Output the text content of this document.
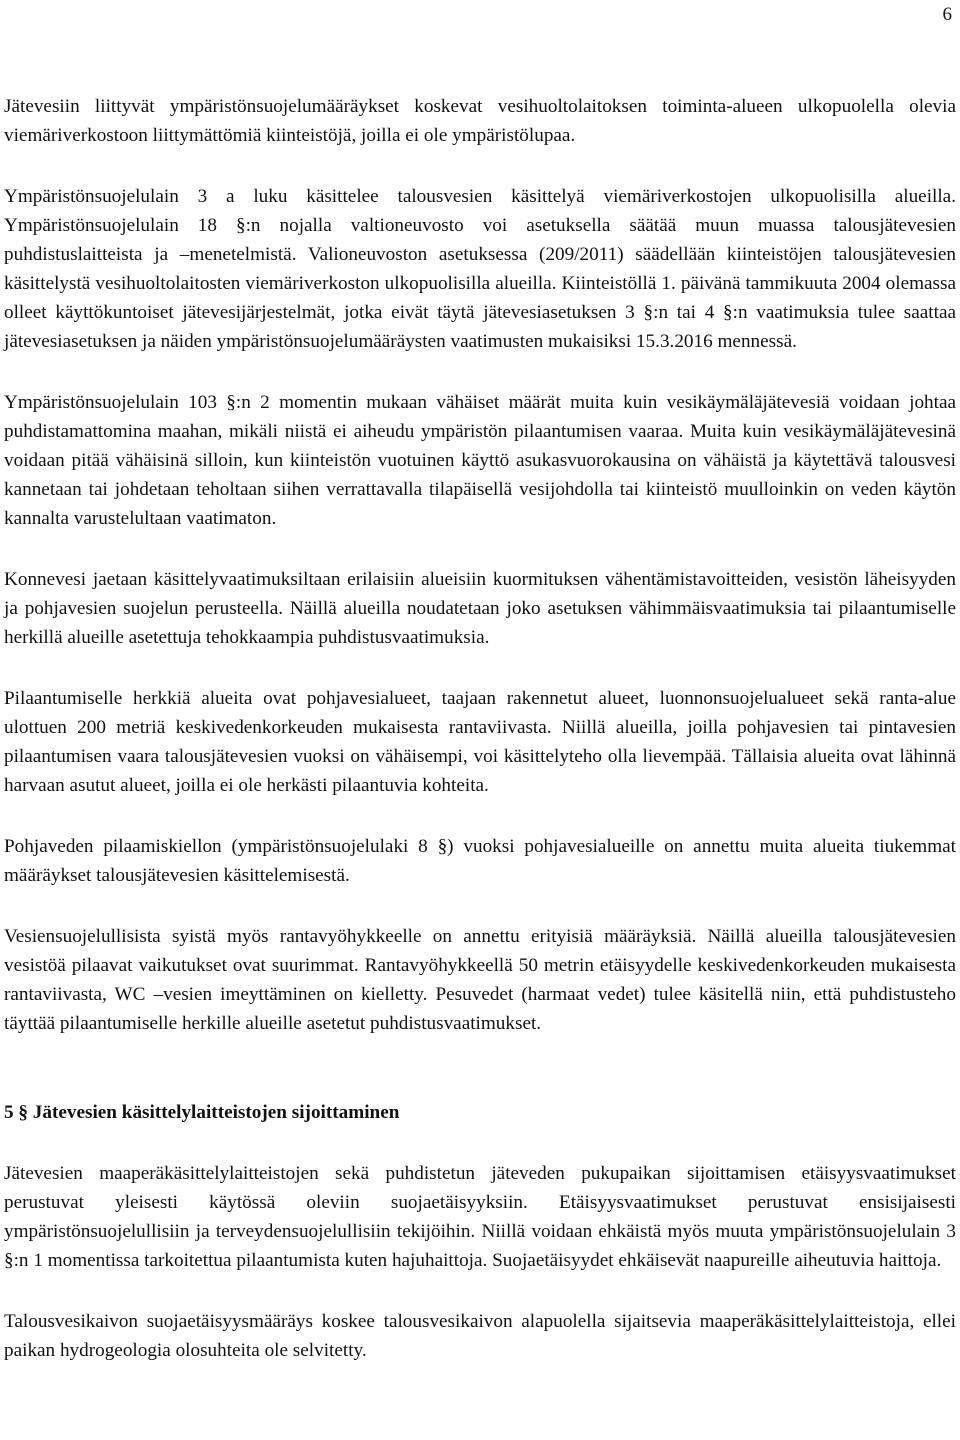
6

Jätevesiin liittyvät ympäristönsuojelumääräykset koskevat vesihuoltolaitoksen toiminta-alueen ulkopuolella olevia viemäriverkostoon liittymättömiä kiinteistöjä, joilla ei ole ympäristölupaa.

Ympäristönsuojelulain 3 a luku käsittelee talousvesien käsittelyä viemäriverkostojen ulkopuolisilla alueilla. Ympäristönsuojelulain 18 §:n nojalla valtioneuvosto voi asetuksella säätää muun muassa talousjätevesien puhdistuslaitteista ja –menetelmistä. Valioneuvoston asetuksessa (209/2011) säädellään kiinteistöjen talousjätevesien käsittelystä vesihuoltolaitosten viemäriverkoston ulkopuolisilla alueilla. Kiinteistöllä 1. päivänä tammikuuta 2004 olemassa olleet käyttökuntoiset jätevesijärjestelmät, jotka eivät täytä jätevesiasetuksen 3 §:n tai 4 §:n vaatimuksia tulee saattaa jätevesiasetuksen ja näiden ympäristönsuojelumääräysten vaatimusten mukaisiksi 15.3.2016 mennessä.

Ympäristönsuojelulain 103 §:n 2 momentin mukaan vähäiset määrät muita kuin vesikäymäläjätevesiä voidaan johtaa puhdistamattomina maahan, mikäli niistä ei aiheudu ympäristön pilaantumisen vaaraa. Muita kuin vesikäymäläjätevesinä voidaan pitää vähäisinä silloin, kun kiinteistön vuotuinen käyttö asukasvuorokausina on vähäistä ja käytettävä talousvesi kannetaan tai johdetaan teholtaan siihen verrattavalla tilapäisellä vesijohdolla tai kiinteistö muulloinkin on veden käytön kannalta varustelultaan vaatimaton.

Konnevesi jaetaan käsittelyvaatimuksiltaan erilaisiin alueisiin kuormituksen vähentämistavoitteiden, vesistön läheisyyden ja pohjavesien suojelun perusteella. Näillä alueilla noudatetaan joko asetuksen vähimmäisvaatimuksia tai pilaantumiselle herkillä alueille asetettuja tehokkaampia puhdistusvaatimuksia.

Pilaantumiselle herkkiä alueita ovat pohjavesialueet, taajaan rakennetut alueet, luonnonsuojelualueet sekä ranta-alue ulottuen 200 metriä keskivedenkorkeuden mukaisesta rantaviivasta. Niillä alueilla, joilla pohjavesien tai pintavesien pilaantumisen vaara talousjätevesien vuoksi on vähäisempi, voi käsittelyteho olla lievempää. Tällaisia alueita ovat lähinnä harvaan asutut alueet, joilla ei ole herkästi pilaantuvia kohteita.

Pohjaveden pilaamiskiellon (ympäristönsuojelulaki 8 §) vuoksi pohjavesialueille on annettu muita alueita tiukemmat määräykset talousjätevesien käsittelemisestä.

Vesiensuojelullisista syistä myös rantavyöhykkeelle on annettu erityisiä määräyksiä. Näillä alueilla talousjätevesien vesistöä pilaavat vaikutukset ovat suurimmat. Rantavyöhykkeellä 50 metrin etäisyydelle keskivedenkorkeuden mukaisesta rantaviivasta, WC –vesien imeyttäminen on kielletty. Pesuvedet (harmaat vedet) tulee käsitellä niin, että puhdistusteho täyttää pilaantumiselle herkille alueille asetetut puhdistusvaatimukset.

5 § Jätevesien käsittelylaitteistojen sijoittaminen

Jätevesien maaperäkäsittelylaitteistojen sekä puhdistetun jäteveden pukupaikan sijoittamisen etäisyysvaatimukset perustuvat yleisesti käytössä oleviin suojaetäisyyksiin. Etäisyysvaatimukset perustuvat ensisijaisesti ympäristönsuojelullisiin ja terveydensuojelullisiin tekijöihin. Niillä voidaan ehkäistä myös muuta ympäristönsuojelulain 3 §:n 1 momentissa tarkoitettua pilaantumista kuten hajuhaittoja. Suojaetäisyydet ehkäisevät naapureille aiheutuvia haittoja.

Talousvesikaivon suojaetäisyysmääräys koskee talousvesikaivon alapuolella sijaitsevia maaperäkäsittelylaitteistoja, ellei paikan hydrogeologia olosuhteita ole selvitetty.
